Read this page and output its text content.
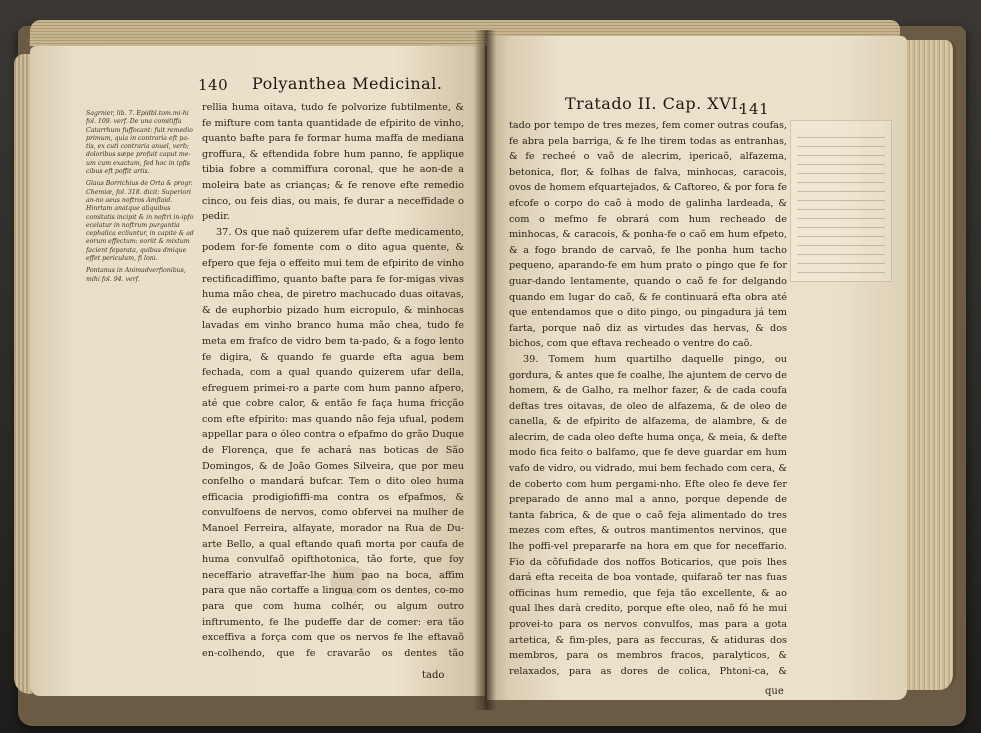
140 Polyanthea Medicinal.

Sagrnier, lib. 7. Epidbl.tom.mi-hi fol. 109. verf. De una comitiffa Catarrhum fuffocant: fuit remedio primum, quia in contraria eft pa-tis, ex cuti contraria anuel, verb; doloribus sæpe profuit caput me-um cum exactum, fed hoc in ipfis cibus eft poffit artis.

Glaus Borrichius de Orta & progr. Chemiæ, fol. 318. dicit: Superiori an-no aeus noftros Amfiaid. Hinrtam anatque aliquibus comitatis incipit & in noftri in-ipfo ecelatur in noftrum purgantia cephalica ecliuntur, in capite & ad eorum effectum: eoriit & mixtum facient feparata, quibus dmique effet periculum, fi loni.

Pontanus in Animadverfionibus, mihi fol. 94. verf.

rellia huma oitava, tudo fe polvorize fubtilmente, & fe mifture com tanta quantidade de efpirito de vinho, quanto bafte para fe formar huma maffa de mediana groffura, & eftendida fobre hum panno, fe applique tibia fobre a commiffura coronal, que he aon-de a moleira bate as crianças; & fe renove efte remedio cinco, ou feis dias, ou mais, fe durar a neceffidade o pedir.

37. Os que naõ quizerem ufar defte medicamento, podem for-fe fomente com o dito agua quente, & efpero que feja o effeito mui tem de efpirito de vinho rectificadiffimo, quanto bafte para fe for-migas vivas huma mão chea, de piretro machucado duas oitavas, & de euphorbio pizado hum eicropulo, & minhocas lavadas em vinho branco huma mão chea, tudo fe meta em frafco de vidro bem ta-pado, & a fogo lento fe digira, & quando fe guarde efta agua bem fechada, com a qual quando quizerem ufar della, efreguem primei-ro a parte com hum panno afpero, até que cobre calor, & então fe faça huma fricção com efte efpirito: mas quando não feja ufual, podem appellar para o óleo contra o efpafmo do grão Duque de Florença, que fe achará nas boticas de São Domingos, & de João Gomes Silveira, que por meu confelho o mandará bufcar. Tem o dito oleo huma efficacia prodigiofiffi-ma contra os efpafmos, & convulfoens de nervos, como obfervei na mulher de Manoel Ferreira, alfayate, morador na Rua de Du-arte Bello, a qual eftando quafi morta por caufa de huma convulfaõ opifthotonica, tão forte, que foy neceffario atraveffar-lhe hum pao na boca, affim para que não cortaffe a lingua com os dentes, co-mo para que com huma colhér, ou algum outro inftrumento, fe lhe pudeffe dar de comer: era tão exceffiva a força com que os nervos fe lhe eftavaõ en-colhendo, que fe cravarão os dentes tão

tado
Tratado II. Cap. XVI.
141

tado por tempo de tres mezes, fem comer outras coufas, fe abra pela barriga, & fe lhe tirem todas as entranhas, & fe recheé o vaõ de alecrim, ipericaõ, alfazema, betonica, flor, & folhas de falva, minhocas, caracois, ovos de homem efquartejados, & Caftoreo, & por fora fe efcofe o corpo do caõ à modo de galinha lardeada, & com o mefmo fe obrará com hum recheado de minhocas, & caracois, & ponha-fe o caõ em hum efpeto, & a fogo brando de carvaõ, fe lhe ponha hum tacho pequeno, aparando-fe em hum prato o pingo que fe for guar-dando lentamente, quando o caõ fe for delgando quando em lugar do caõ, & fe continuará efta obra até que entendamos que o dito pingo, ou pingadura já tem farta, porque naõ diz as virtudes das hervas, & dos bichos, com que eftava recheado o ventre do caõ.

39. Tomem hum quartilho daquelle pingo, ou gordura, & antes que fe coalhe, lhe ajuntem de cervo de homem, & de Galho, ra melhor fazer, & de cada coufa deftas tres oitavas, de oleo de alfazema, & de oleo de canella, & de efpirito de alfazema, de alambre, & de alecrim, de cada oleo defte huma onça, & meia, & defte modo fica feito o balfamo, que fe deve guardar em hum vafo de vidro, ou vidrado, mui bem fechado com cera, & de coberto com hum pergami-nho. Efte oleo fe deve fer preparado de anno mal a anno, porque depende de tanta fabrica, & de que o caõ feja alimentado do tres mezes com eftes, & outros mantimentos nervinos, que lhe poffi-vel prepararfe na hora em que for neceffario. Fio da cõfufidade dos noffos Boticarios, que pois lhes dará efta receita de boa vontade, quifaraõ ter nas fuas officinas hum remedio, que feja tão excellente, & ao qual lhes darà credito, porque efte oleo, naõ fó he mui provei-to para os nervos convulfos, mas para a gota artetica, & fim-ples, para as feccuras, & atiduras dos membros, para os membros fracos, paralyticos, & relaxados, para as dores de colica, Phtoni-ca, &

que
